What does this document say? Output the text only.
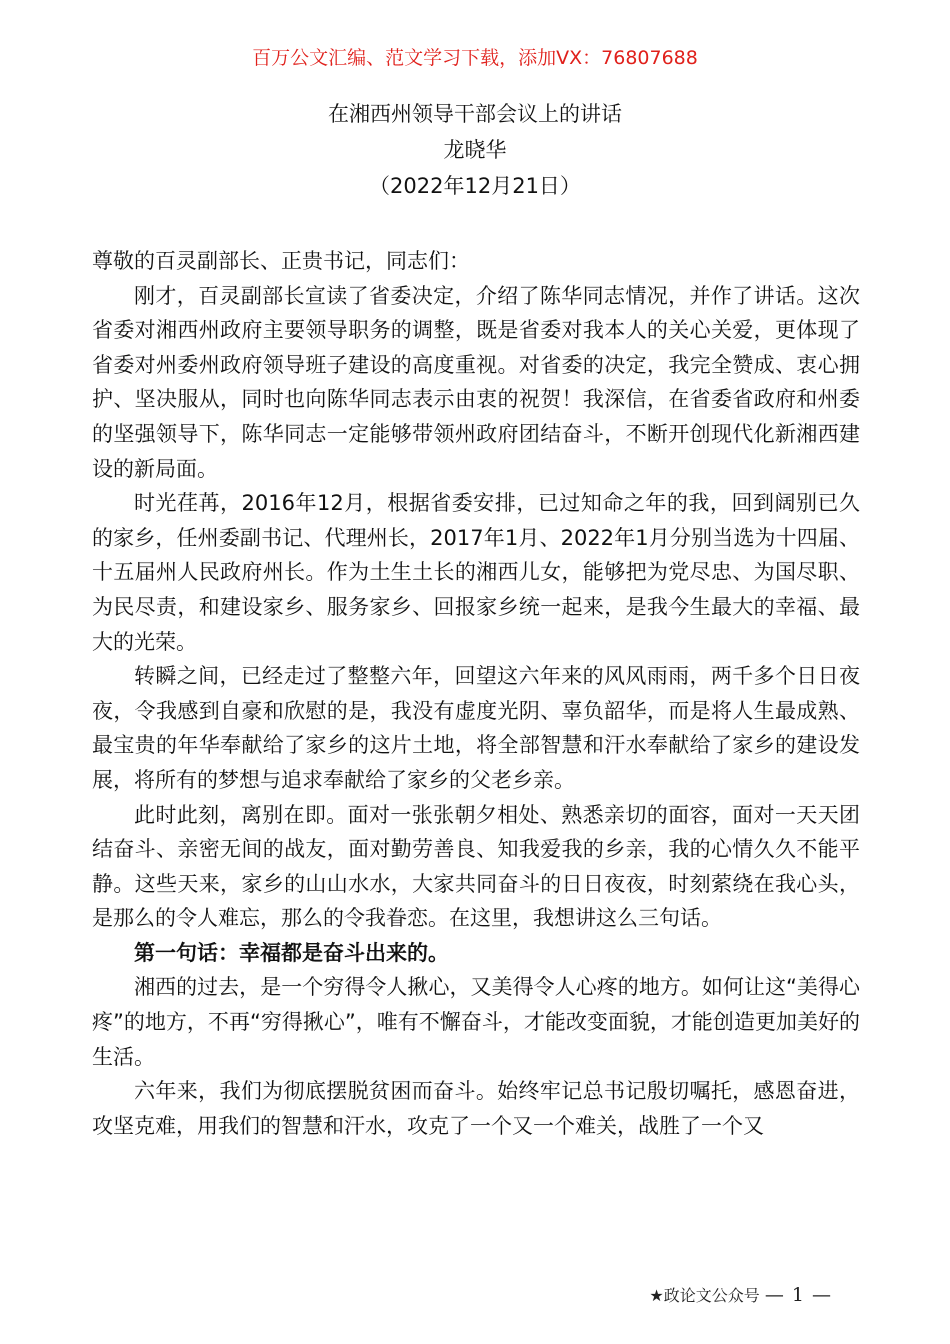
百万公文汇编、范文学习下载，添加VX：76807688
在湘西州领导干部会议上的讲话
龙晓华
（2022年12月21日）

尊敬的百灵副部长、正贵书记，同志们：

刚才，百灵副部长宣读了省委决定，介绍了陈华同志情况，并作了讲话。这次省委对湘西州政府主要领导职务的调整，既是省委对我本人的关心关爱，更体现了省委对州委州政府领导班子建设的高度重视。对省委的决定，我完全赞成、衷心拥护、坚决服从，同时也向陈华同志表示由衷的祝贺！我深信，在省委省政府和州委的坚强领导下，陈华同志一定能够带领州政府团结奋斗，不断开创现代化新湘西建设的新局面。

时光荏苒，2016年12月，根据省委安排，已过知命之年的我，回到阔别已久的家乡，任州委副书记、代理州长，2017年1月、2022年1月分别当选为十四届、十五届州人民政府州长。作为土生土长的湘西儿女，能够把为党尽忠、为国尽职、为民尽责，和建设家乡、服务家乡、回报家乡统一起来，是我今生最大的幸福、最大的光荣。

转瞬之间，已经走过了整整六年，回望这六年来的风风雨雨，两千多个日日夜夜，令我感到自豪和欣慰的是，我没有虚度光阴、辜负韶华，而是将人生最成熟、最宝贵的年华奉献给了家乡的这片土地，将全部智慧和汗水奉献给了家乡的建设发展，将所有的梦想与追求奉献给了家乡的父老乡亲。

此时此刻，离别在即。面对一张张朝夕相处、熟悉亲切的面容，面对一天天团结奋斗、亲密无间的战友，面对勤劳善良、知我爱我的乡亲，我的心情久久不能平静。这些天来，家乡的山山水水，大家共同奋斗的日日夜夜，时刻萦绕在我心头，是那么的令人难忘，那么的令我眷恋。在这里，我想讲这么三句话。

第一句话：幸福都是奋斗出来的。

湘西的过去，是一个穷得令人揪心，又美得令人心疼的地方。如何让这“美得心疼”的地方，不再“穷得揪心”，唯有不懈奋斗，才能改变面貌，才能创造更加美好的生活。

六年来，我们为彻底摆脱贫困而奋斗。始终牢记总书记殷切嘱托，感恩奋进，攻坚克难，用我们的智慧和汗水，攻克了一个又一个难关，战胜了一个又

★政论文公众号 — 1 —
